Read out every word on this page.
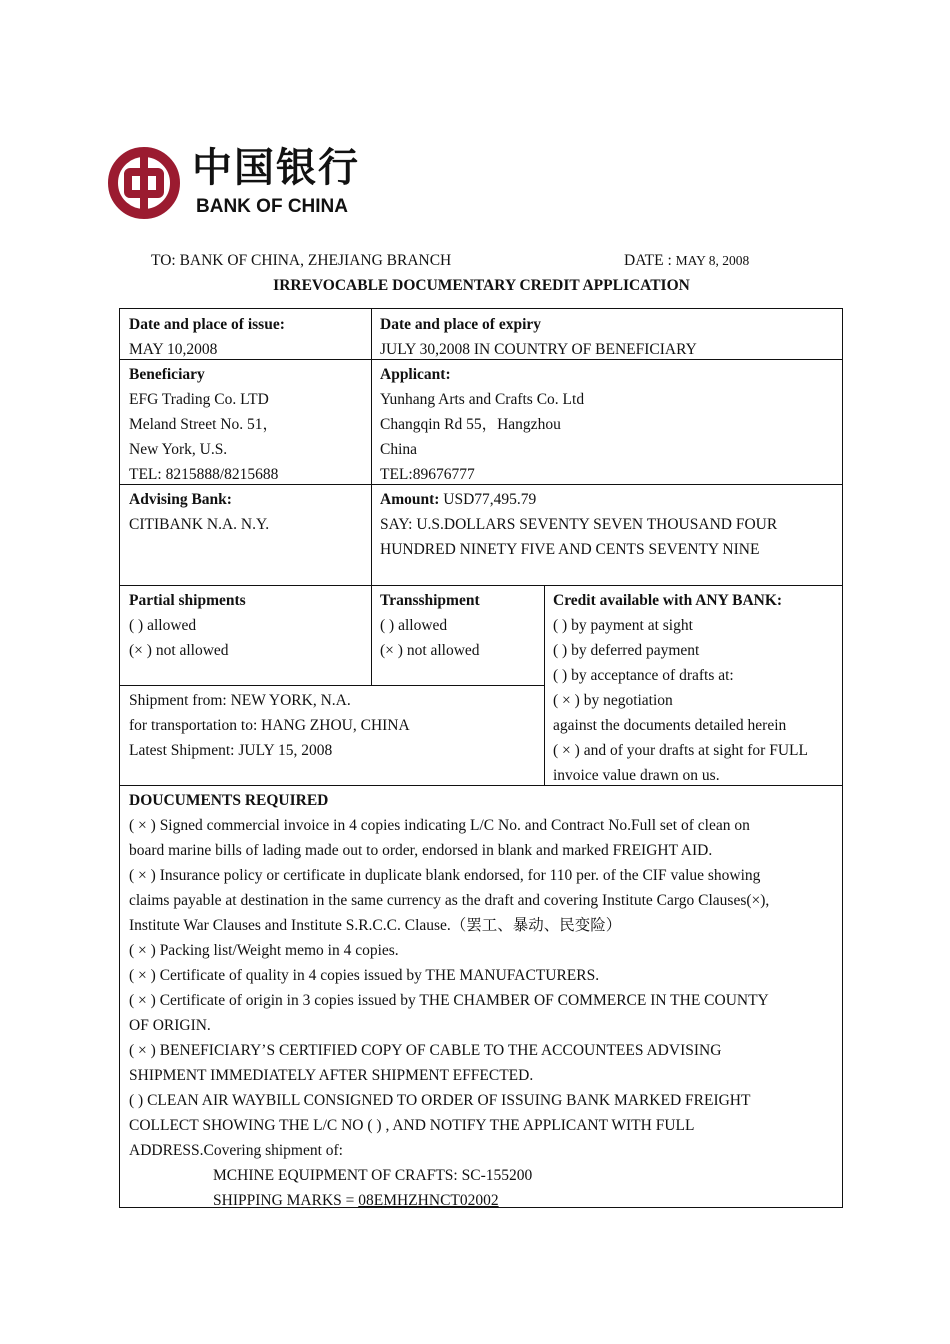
中国银行
BANK OF CHINA
TO: BANK OF CHINA, ZHEJIANG BRANCH	DATE : MAY 8, 2008
IRREVOCABLE DOCUMENTARY CREDIT APPLICATION
Date and place of issue:
MAY 10,2008
Date and place of expiry
JULY 30,2008 IN COUNTRY OF BENEFICIARY
Beneficiary
EFG Trading Co. LTD
Meland Street No. 51，
New York, U.S.
TEL: 8215888/8215688
Applicant:
Yunhang Arts and Crafts Co. Ltd
Changqin Rd 55，Hangzhou
China
TEL:89676777
Advising Bank:
CITIBANK N.A. N.Y.
Amount: USD77,495.79
SAY: U.S.DOLLARS SEVENTY SEVEN THOUSAND FOUR
HUNDRED NINETY FIVE AND CENTS SEVENTY NINE
Partial shipments
( ) allowed
(× ) not allowed
Transshipment
( ) allowed
(× ) not allowed
Credit available with ANY BANK:
( ) by payment at sight
( ) by deferred payment
( ) by acceptance of drafts at:
( × ) by negotiation
against the documents detailed herein
( × ) and of your drafts at sight for FULL
invoice value drawn on us.
Shipment from: NEW YORK, N.A.
for transportation to: HANG ZHOU, CHINA
Latest Shipment: JULY 15, 2008
DOUCUMENTS REQUIRED
( × ) Signed commercial invoice in 4 copies indicating L/C No. and Contract No.Full set of clean on
board marine bills of lading made out to order, endorsed in blank and marked FREIGHT AID.
( × ) Insurance policy or certificate in duplicate blank endorsed, for 110 per. of the CIF value showing
claims payable at destination in the same currency as the draft and covering Institute Cargo Clauses(×),
Institute War Clauses and Institute S.R.C.C. Clause.（罢工、暴动、民变险）
( × ) Packing list/Weight memo in 4 copies.
( × ) Certificate of quality in 4 copies issued by THE MANUFACTURERS.
( × ) Certificate of origin in 3 copies issued by THE CHAMBER OF COMMERCE IN THE COUNTY
OF ORIGIN.
( × ) BENEFICIARY’S CERTIFIED COPY OF CABLE TO THE ACCOUNTEES ADVISING
SHIPMENT IMMEDIATELY AFTER SHIPMENT EFFECTED.
( ) CLEAN AIR WAYBILL CONSIGNED TO ORDER OF ISSUING BANK MARKED FREIGHT
COLLECT SHOWING THE L/C NO ( ) , AND NOTIFY THE APPLICANT WITH FULL
ADDRESS.Covering shipment of:
MCHINE EQUIPMENT OF CRAFTS: SC-155200
SHIPPING MARKS = 08EMHZHNCT02002
